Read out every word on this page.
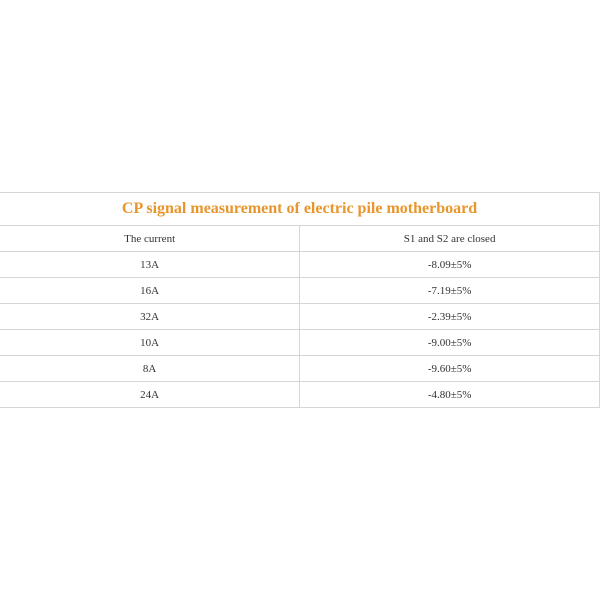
CP signal measurement of electric pile motherboard	
The current	S1 and S2 are closed
13A	-8.09±5%
16A	-7.19±5%
32A	-2.39±5%
10A	-9.00±5%
8A	-9.60±5%
24A	-4.80±5%
